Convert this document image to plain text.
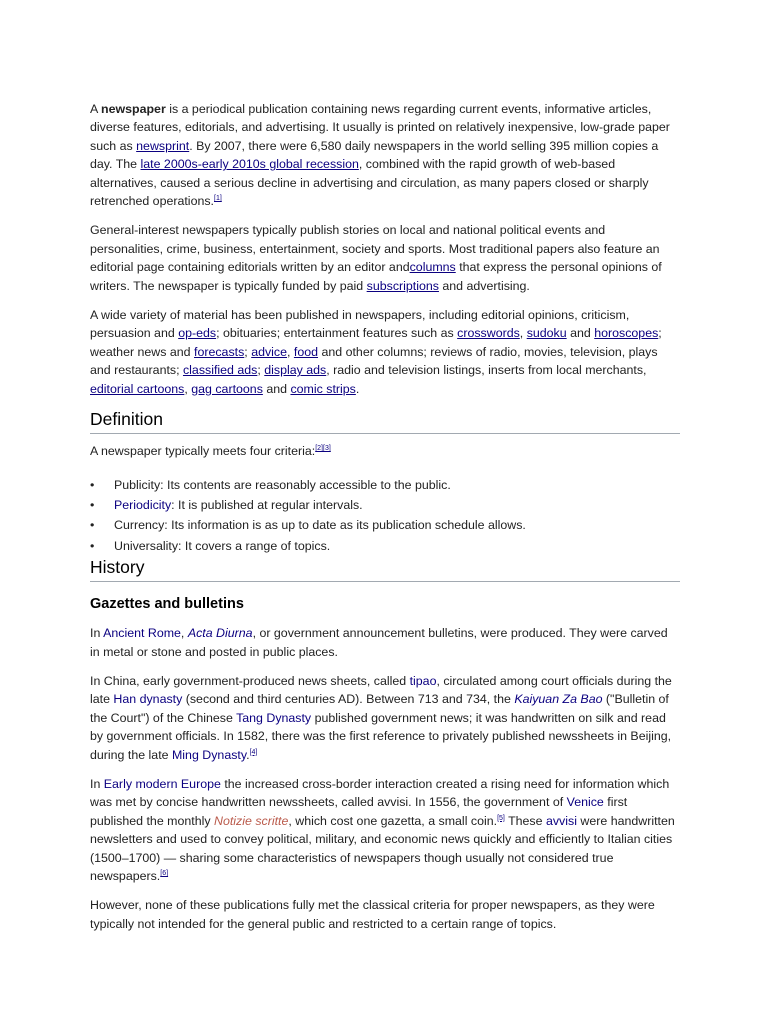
A newspaper is a periodical publication containing news regarding current events, informative articles, diverse features, editorials, and advertising. It usually is printed on relatively inexpensive, low-grade paper such as newsprint. By 2007, there were 6,580 daily newspapers in the world selling 395 million copies a day. The late 2000s-early 2010s global recession, combined with the rapid growth of web-based alternatives, caused a serious decline in advertising and circulation, as many papers closed or sharply retrenched operations.[1]

General-interest newspapers typically publish stories on local and national political events and personalities, crime, business, entertainment, society and sports. Most traditional papers also feature an editorial page containing editorials written by an editor andcolumns that express the personal opinions of writers. The newspaper is typically funded by paid subscriptions and advertising.

A wide variety of material has been published in newspapers, including editorial opinions, criticism, persuasion and op-eds; obituaries; entertainment features such as crosswords, sudoku and horoscopes; weather news and forecasts; advice, food and other columns; reviews of radio, movies, television, plays and restaurants; classified ads; display ads, radio and television listings, inserts from local merchants, editorial cartoons, gag cartoons and comic strips.

Definition

A newspaper typically meets four criteria:[2][3]

• Publicity: Its contents are reasonably accessible to the public.
• Periodicity: It is published at regular intervals.
• Currency: Its information is as up to date as its publication schedule allows.
• Universality: It covers a range of topics.
History
Gazettes and bulletins

In Ancient Rome, Acta Diurna, or government announcement bulletins, were produced. They were carved in metal or stone and posted in public places.

In China, early government-produced news sheets, called tipao, circulated among court officials during the late Han dynasty (second and third centuries AD). Between 713 and 734, the Kaiyuan Za Bao ("Bulletin of the Court") of the Chinese Tang Dynasty published government news; it was handwritten on silk and read by government officials. In 1582, there was the first reference to privately published newssheets in Beijing, during the late Ming Dynasty.[4]

In Early modern Europe the increased cross-border interaction created a rising need for information which was met by concise handwritten newssheets, called avvisi. In 1556, the government of Venice first published the monthly Notizie scritte, which cost one gazetta, a small coin.[5] These avvisi were handwritten newsletters and used to convey political, military, and economic news quickly and efficiently to Italian cities (1500–1700) — sharing some characteristics of newspapers though usually not considered true newspapers.[6]

However, none of these publications fully met the classical criteria for proper newspapers, as they were typically not intended for the general public and restricted to a certain range of topics.
